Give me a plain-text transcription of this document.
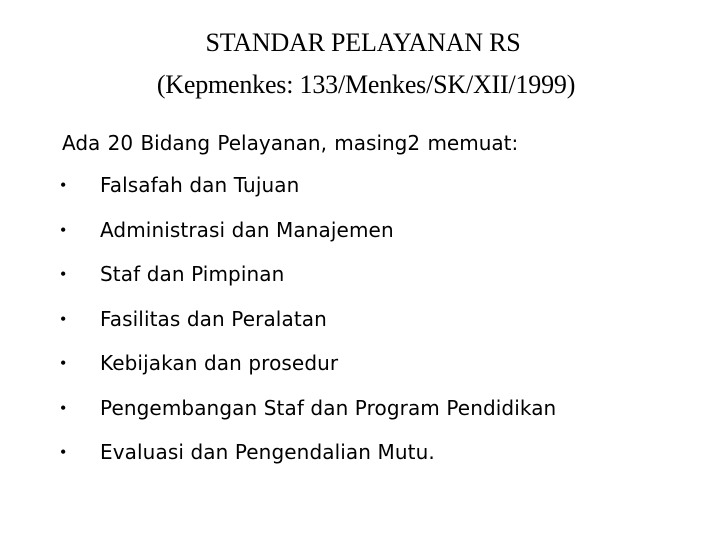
STANDAR PELAYANAN RS
(Kepmenkes: 133/Menkes/SK/XII/1999)
Ada 20 Bidang Pelayanan, masing2 memuat:
•	Falsafah dan Tujuan
•	Administrasi dan Manajemen
•	Staf dan Pimpinan
•	Fasilitas dan Peralatan
•	Kebijakan dan prosedur
•	Pengembangan Staf dan Program Pendidikan
•	Evaluasi dan Pengendalian Mutu.
